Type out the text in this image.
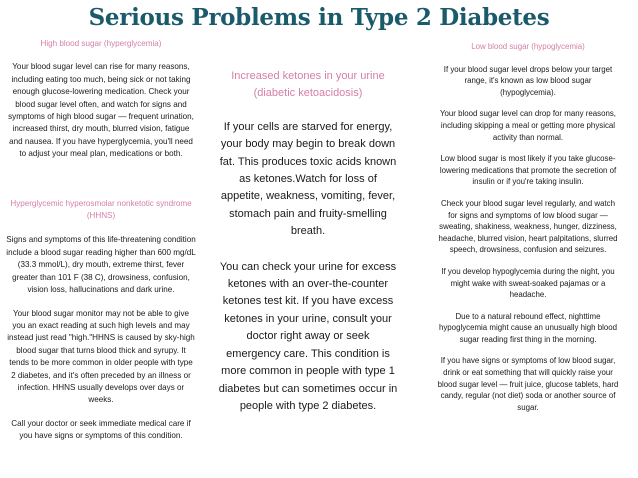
Serious Problems in Type 2 Diabetes

High blood sugar (hyperglycemia)

Your blood sugar level can rise for many reasons, including eating too much, being sick or not taking enough glucose-lowering medication. Check your blood sugar level often, and watch for signs and symptoms of high blood sugar — frequent urination, increased thirst, dry mouth, blurred vision, fatigue and nausea. If you have hyperglycemia, you'll need to adjust your meal plan, medications or both.

Hyperglycemic hyperosmolar nonketotic syndrome (HHNS)

Signs and symptoms of this life-threatening condition include a blood sugar reading higher than 600 mg/dL (33.3 mmol/L), dry mouth, extreme thirst, fever greater than 101 F (38 C), drowsiness, confusion, vision loss, hallucinations and dark urine.

Your blood sugar monitor may not be able to give you an exact reading at such high levels and may instead just read "high."HHNS is caused by sky-high blood sugar that turns blood thick and syrupy. It tends to be more common in older people with type 2 diabetes, and it's often preceded by an illness or infection. HHNS usually develops over days or weeks.

Call your doctor or seek immediate medical care if you have signs or symptoms of this condition.

Increased ketones in your urine (diabetic ketoacidosis)

If your cells are starved for energy, your body may begin to break down fat. This produces toxic acids known as ketones.Watch for loss of appetite, weakness, vomiting, fever, stomach pain and fruity-smelling breath.

You can check your urine for excess ketones with an over-the-counter ketones test kit. If you have excess ketones in your urine, consult your doctor right away or seek emergency care. This condition is more common in people with type 1 diabetes but can sometimes occur in people with type 2 diabetes.

Low blood sugar (hypoglycemia)

If your blood sugar level drops below your target range, it's known as low blood sugar (hypoglycemia).

Your blood sugar level can drop for many reasons, including skipping a meal or getting more physical activity than normal.

Low blood sugar is most likely if you take glucose-lowering medications that promote the secretion of insulin or if you're taking insulin.

Check your blood sugar level regularly, and watch for signs and symptoms of low blood sugar — sweating, shakiness, weakness, hunger, dizziness, headache, blurred vision, heart palpitations, slurred speech, drowsiness, confusion and seizures.

If you develop hypoglycemia during the night, you might wake with sweat-soaked pajamas or a headache.

Due to a natural rebound effect, nighttime hypoglycemia might cause an unusually high blood sugar reading first thing in the morning.

If you have signs or symptoms of low blood sugar, drink or eat something that will quickly raise your blood sugar level — fruit juice, glucose tablets, hard candy, regular (not diet) soda or another source of sugar.
